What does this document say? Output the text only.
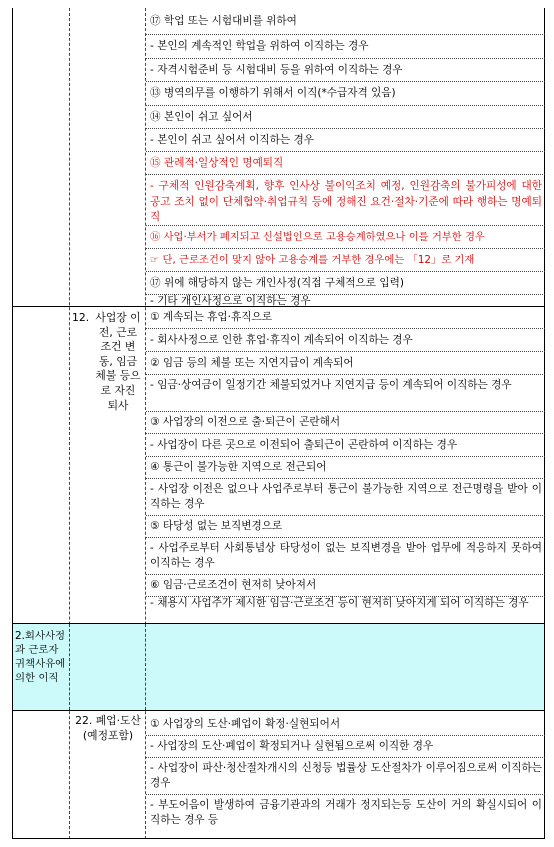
⑰ 학업 또는 시험대비를 위하여
- 본인의 계속적인 학업을 위하여 이직하는 경우
- 자격시험준비 등 시험대비 등을 위하여 이직하는 경우
⑬ 병역의무를 이행하기 위해서 이직(*수급자격 있음)
⑭ 본인이 쉬고 싶어서
- 본인이 쉬고 싶어서 이직하는 경우
⑮ 관례적·일상적인 명예퇴직
- 구체적 인원감축계획, 향후 인사상 불이익조치 예정, 인원감축의 불가피성에 대한 공고 조치 없이 단체협약·취업규칙 등에 정해진 요건·절차·기준에 따라 행하는 명예퇴직
⑯ 사업·부서가 폐지되고 신설법인으로 고용승계하였으나 이를 거부한 경우
☞ 단, 근로조건이 맞지 않아 고용승계를 거부한 경우에는 「12」로 기재
⑰ 위에 해당하지 않는 개인사정(직접 구체적으로 입력)
- 기타 개인사정으로 이직하는 경우
12. 사업장 이전, 근로조건 변동, 임금체불 등으로 자진 퇴사
① 계속되는 휴업·휴직으로
- 회사사정으로 인한 휴업·휴직이 계속되어 이직하는 경우
② 임금 등의 체불 또는 지연지급이 계속되어
- 임금·상여금이 일정기간 체불되었거나 지연지급 등이 계속되어 이직하는 경우
③ 사업장의 이전으로 출·퇴근이 곤란해서
- 사업장이 다른 곳으로 이전되어 출퇴근이 곤란하여 이직하는 경우
④ 통근이 불가능한 지역으로 전근되어
- 사업장 이전은 없으나 사업주로부터 통근이 불가능한 지역으로 전근명령을 받아 이직하는 경우
⑤ 타당성 없는 보직변경으로
- 사업주로부터 사회통념상 타당성이 없는 보직변경을 받아 업무에 적응하지 못하여 이직하는 경우
⑥ 임금·근로조건이 현저히 낮아져서
- 채용시 사업주가 제시한 임금·근로조건 등이 현저히 낮아지게 되어 이직하는 경우
2.회사사정과 근로자 귀책사유에 의한 이직
22. 폐업·도산
(예정포함)
① 사업장의 도산·폐업이 확정·실현되어서
- 사업장의 도산·폐업이 확정되거나 실현됨으로써 이직한 경우
- 사업장이 파산·청산절차개시의 신청등 법률상 도산절차가 이루어짐으로써 이직하는 경우
- 부도어음이 발생하여 금융기관과의 거래가 정지되는등 도산이 거의 확실시되어 이직하는 경우 등
